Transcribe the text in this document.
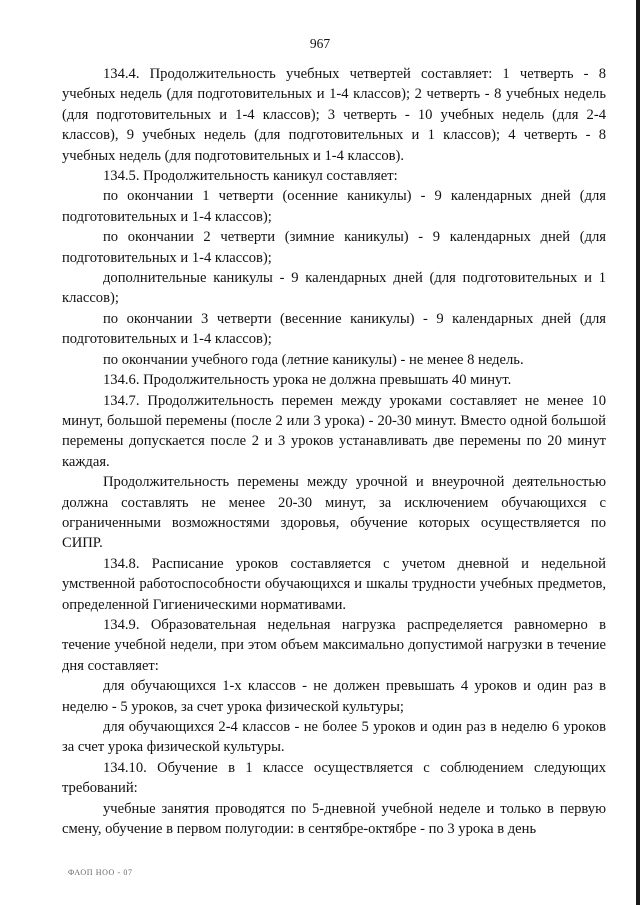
967

134.4. Продолжительность учебных четвертей составляет: 1 четверть - 8 учебных недель (для подготовительных и 1-4 классов); 2 четверть - 8 учебных недель (для подготовительных и 1-4 классов); 3 четверть - 10 учебных недель (для 2-4 классов), 9 учебных недель (для подготовительных и 1 классов); 4 четверть - 8 учебных недель (для подготовительных и 1-4 классов).

134.5. Продолжительность каникул составляет:

по окончании 1 четверти (осенние каникулы) - 9 календарных дней (для подготовительных и 1-4 классов);

по окончании 2 четверти (зимние каникулы) - 9 календарных дней (для подготовительных и 1-4 классов);

дополнительные каникулы - 9 календарных дней (для подготовительных и 1 классов);

по окончании 3 четверти (весенние каникулы) - 9 календарных дней (для подготовительных и 1-4 классов);

по окончании учебного года (летние каникулы) - не менее 8 недель.

134.6. Продолжительность урока не должна превышать 40 минут.

134.7. Продолжительность перемен между уроками составляет не менее 10 минут, большой перемены (после 2 или 3 урока) - 20-30 минут. Вместо одной большой перемены допускается после 2 и 3 уроков устанавливать две перемены по 20 минут каждая.

Продолжительность перемены между урочной и внеурочной деятельностью должна составлять не менее 20-30 минут, за исключением обучающихся с ограниченными возможностями здоровья, обучение которых осуществляется по СИПР.

134.8. Расписание уроков составляется с учетом дневной и недельной умственной работоспособности обучающихся и шкалы трудности учебных предметов, определенной Гигиеническими нормативами.

134.9. Образовательная недельная нагрузка распределяется равномерно в течение учебной недели, при этом объем максимально допустимой нагрузки в течение дня составляет:

для обучающихся 1-х классов - не должен превышать 4 уроков и один раз в неделю - 5 уроков, за счет урока физической культуры;

для обучающихся 2-4 классов - не более 5 уроков и один раз в неделю 6 уроков за счет урока физической культуры.

134.10. Обучение в 1 классе осуществляется с соблюдением следующих требований:

учебные занятия проводятся по 5-дневной учебной неделе и только в первую смену, обучение в первом полугодии: в сентябре-октябре - по 3 урока в день

ФАОП НОО - 07
